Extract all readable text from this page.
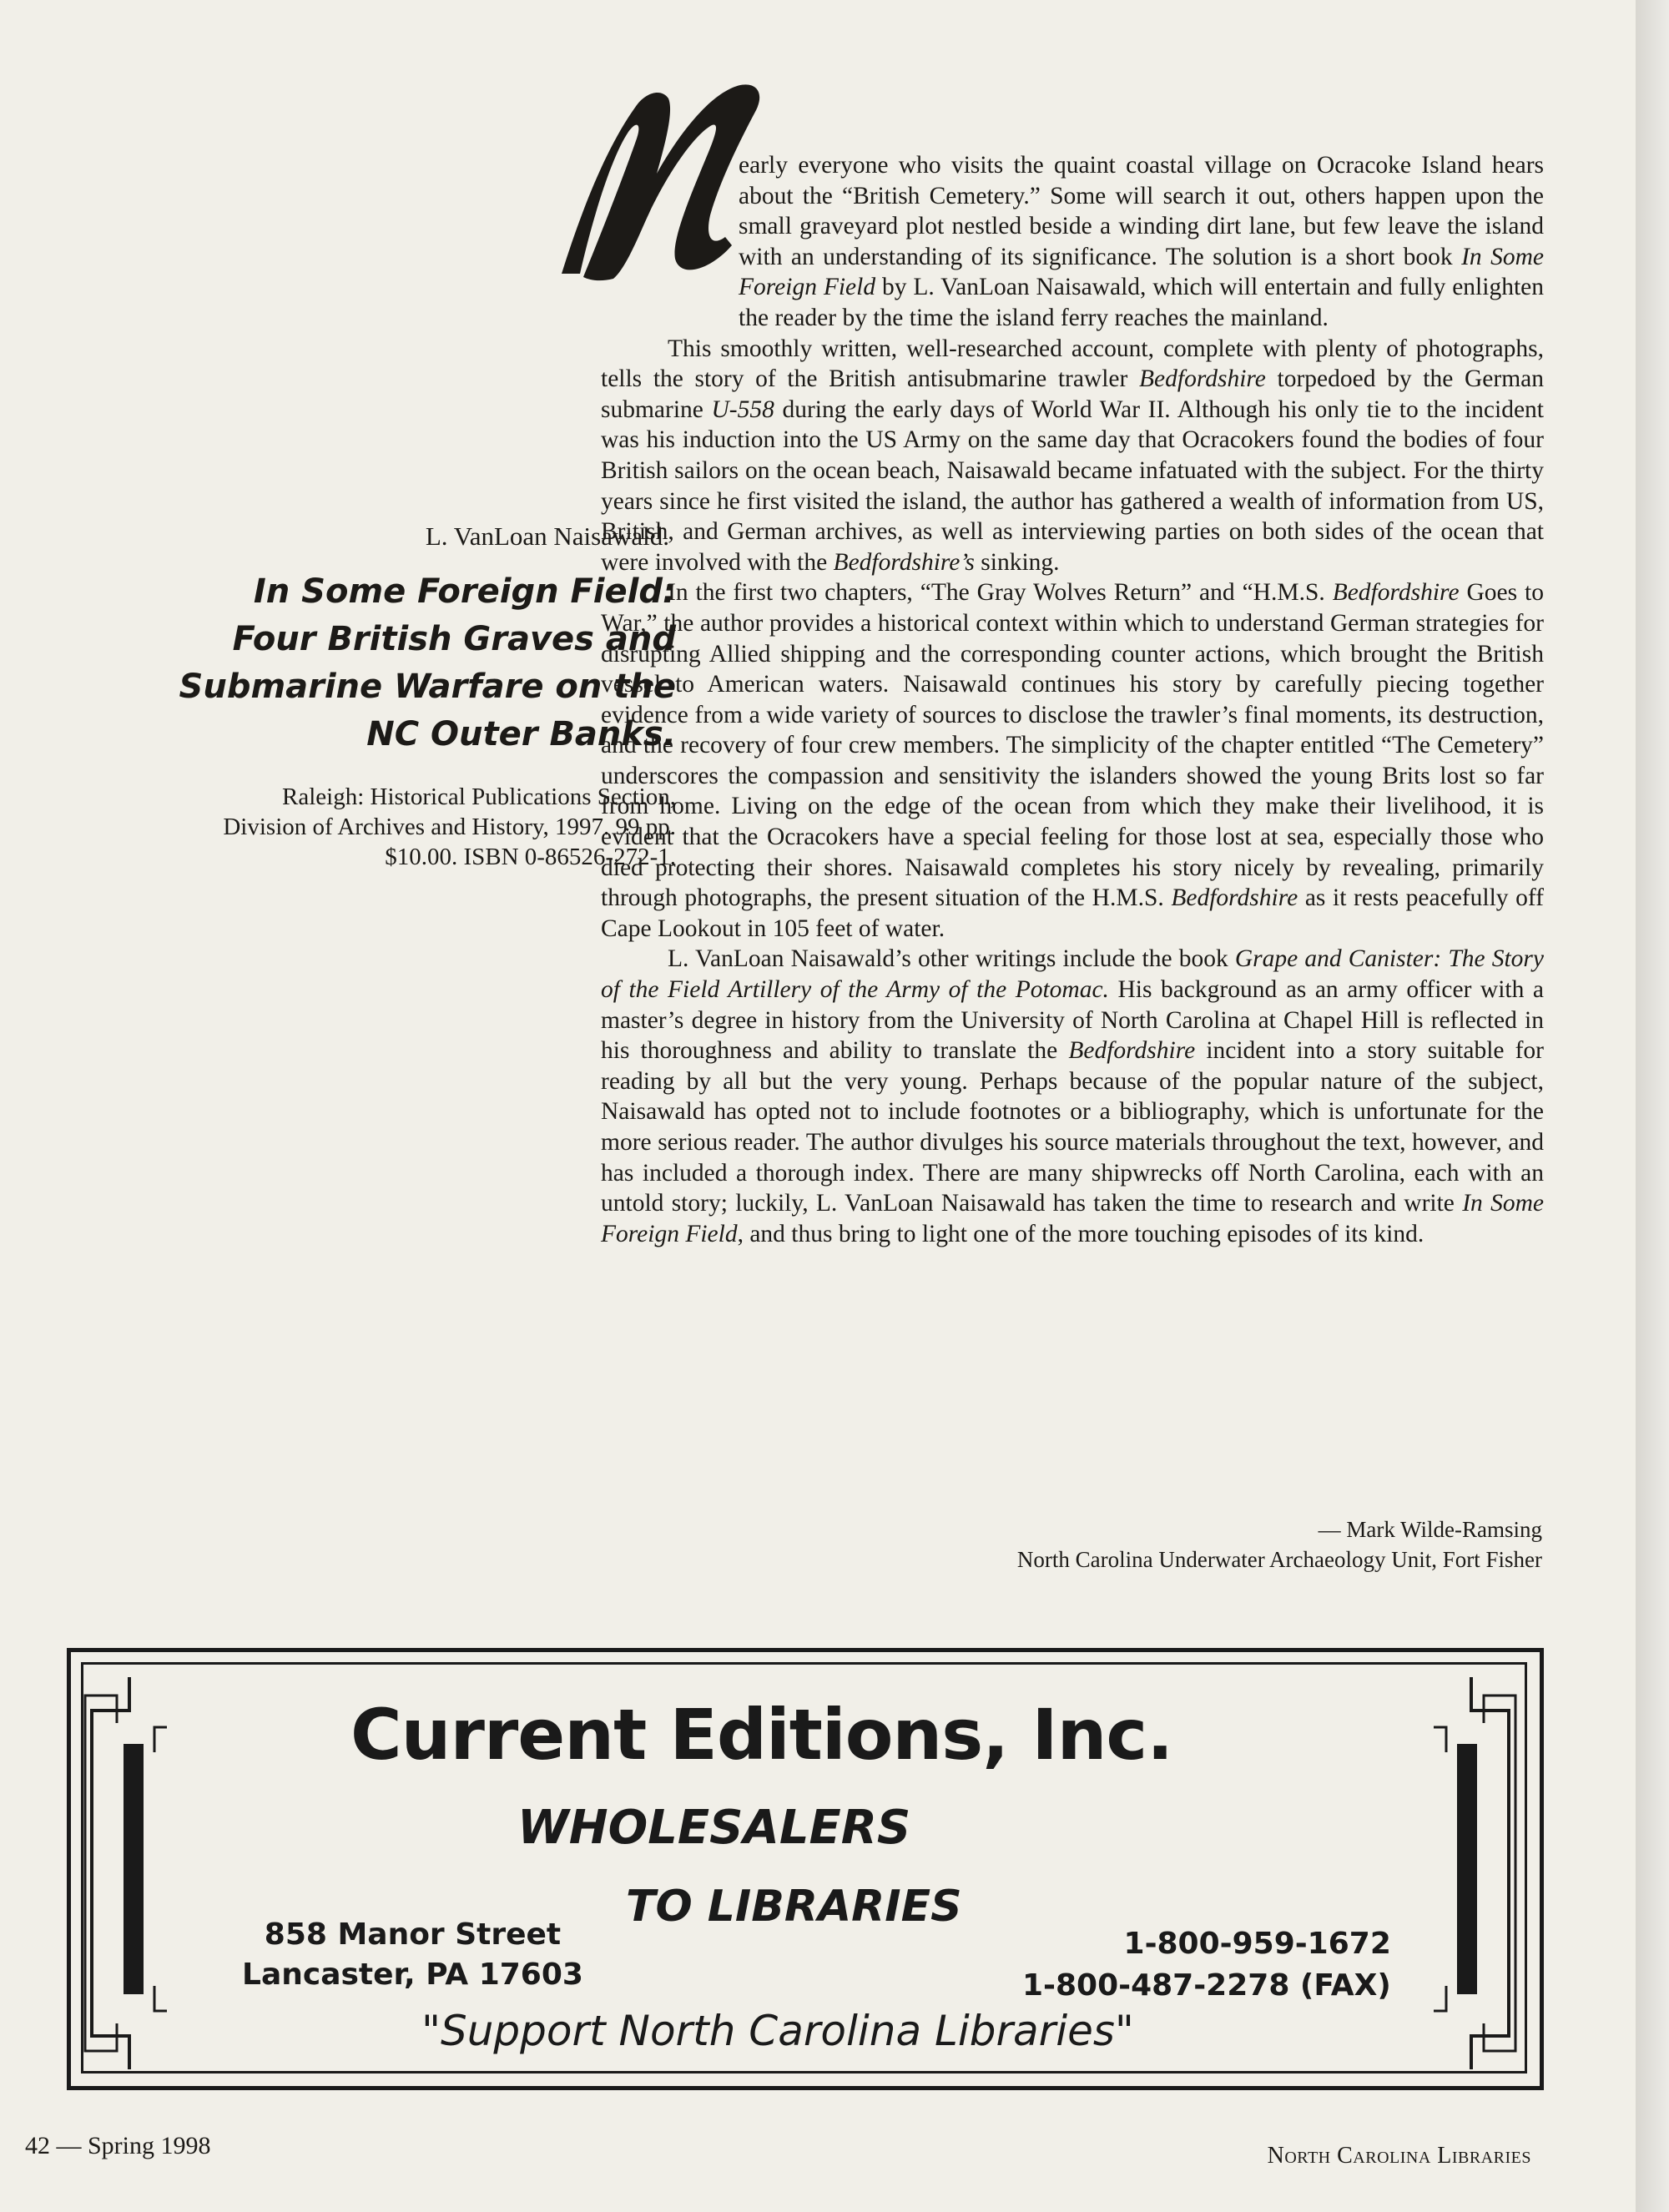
L. VanLoan Naisawald.

In Some Foreign Field:
Four British Graves and
Submarine Warfare on the
NC Outer Banks.
Raleigh: Historical Publications Section,
Division of Archives and History, 1997. 99 pp.
$10.00. ISBN 0-86526-272-1.

early everyone who visits the quaint coastal village on Ocracoke Island hears about the “British Cemetery.” Some will search it out, others happen upon the small graveyard plot nestled beside a winding dirt lane, but few leave the island with an understanding of its significance. The solution is a short book In Some Foreign Field by L. VanLoan Naisawald, which will entertain and fully enlighten the reader by the time the island ferry reaches the mainland.

This smoothly written, well-researched account, complete with plenty of photographs, tells the story of the British antisubmarine trawler Bedfordshire torpedoed by the German submarine U-558 during the early days of World War II. Although his only tie to the incident was his induction into the US Army on the same day that Ocracokers found the bodies of four British sailors on the ocean beach, Naisawald became infatuated with the subject. For the thirty years since he first visited the island, the author has gathered a wealth of information from US, British, and German archives, as well as interviewing parties on both sides of the ocean that were involved with the Bedfordshire’s sinking.

In the first two chapters, “The Gray Wolves Return” and “H.M.S. Bedfordshire Goes to War,” the author provides a historical context within which to understand German strategies for disrupting Allied shipping and the corresponding counter actions, which brought the British vessel to American waters. Naisawald continues his story by carefully piecing together evidence from a wide variety of sources to disclose the trawler’s final moments, its destruction, and the recovery of four crew members. The simplicity of the chapter entitled “The Cemetery” underscores the compassion and sensitivity the islanders showed the young Brits lost so far from home. Living on the edge of the ocean from which they make their livelihood, it is evident that the Ocracokers have a special feeling for those lost at sea, especially those who died protecting their shores. Naisawald completes his story nicely by revealing, primarily through photographs, the present situation of the H.M.S. Bedfordshire as it rests peacefully off Cape Lookout in 105 feet of water.

L. VanLoan Naisawald’s other writings include the book Grape and Canister: The Story of the Field Artillery of the Army of the Potomac. His background as an army officer with a master’s degree in history from the University of North Carolina at Chapel Hill is reflected in his thoroughness and ability to translate the Bedfordshire incident into a story suitable for reading by all but the very young. Perhaps because of the popular nature of the subject, Naisawald has opted not to include footnotes or a bibliography, which is unfortunate for the more serious reader. The author divulges his source materials throughout the text, however, and has included a thorough index. There are many shipwrecks off North Carolina, each with an untold story; luckily, L. VanLoan Naisawald has taken the time to research and write In Some Foreign Field, and thus bring to light one of the more touching episodes of its kind.

— Mark Wilde-Ramsing
North Carolina Underwater Archaeology Unit, Fort Fisher
Current Editions, Inc.
WHOLESALERS
TO LIBRARIES
858 Manor Street
Lancaster, PA 17603
1-800-959-1672
1-800-487-2278 (FAX)
"Support North Carolina Libraries"
42 — Spring 1998	North Carolina Libraries
